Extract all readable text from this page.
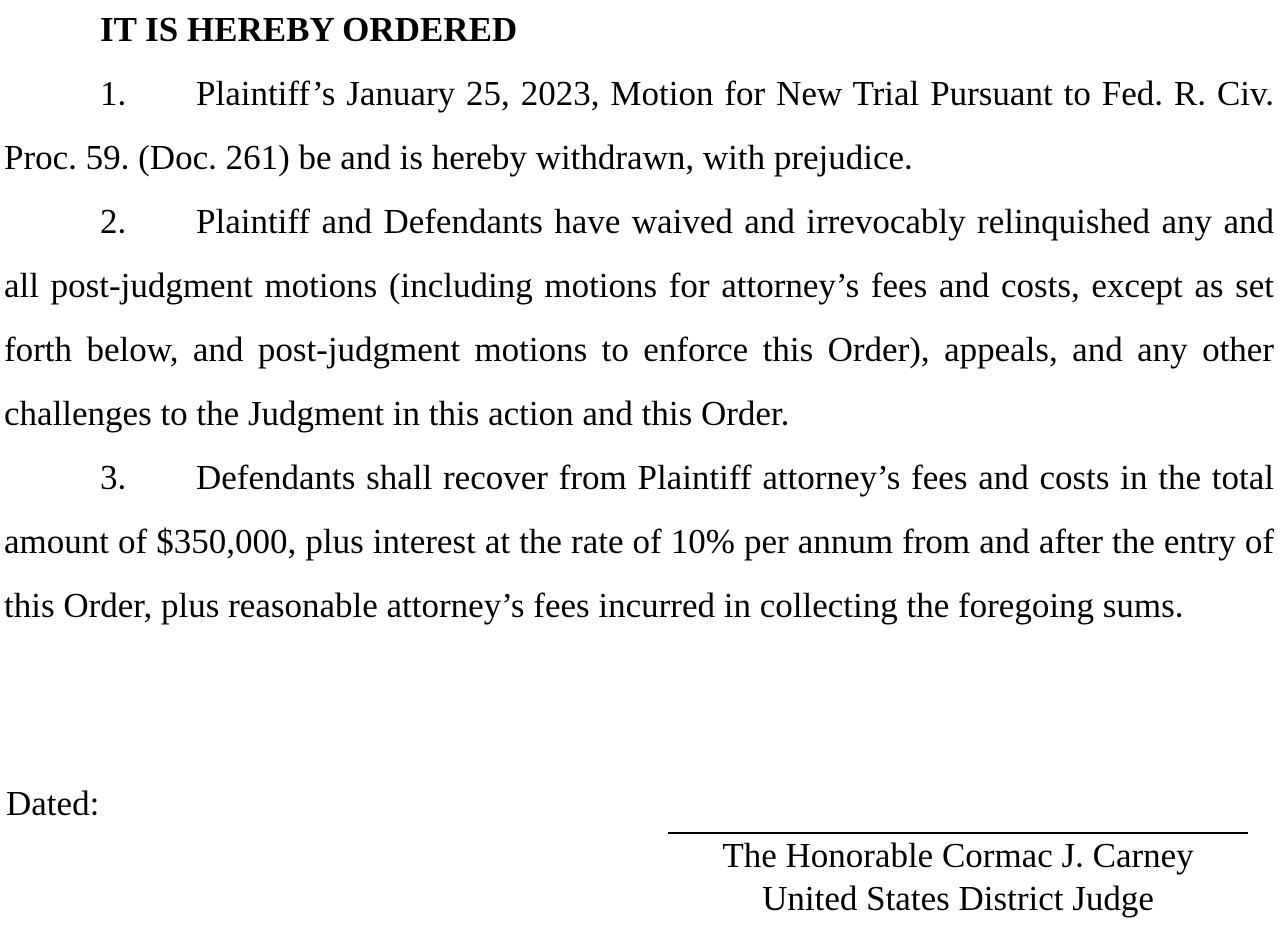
IT IS HEREBY ORDERED

1. Plaintiff’s January 25, 2023, Motion for New Trial Pursuant to Fed. R. Civ. Proc. 59. (Doc. 261) be and is hereby withdrawn, with prejudice.

2. Plaintiff and Defendants have waived and irrevocably relinquished any and all post-judgment motions (including motions for attorney’s fees and costs, except as set forth below, and post-judgment motions to enforce this Order), appeals, and any other challenges to the Judgment in this action and this Order.

3. Defendants shall recover from Plaintiff attorney’s fees and costs in the total amount of $350,000, plus interest at the rate of 10% per annum from and after the entry of this Order, plus reasonable attorney’s fees incurred in collecting the foregoing sums.

Dated:
The Honorable Cormac J. Carney
United States District Judge
